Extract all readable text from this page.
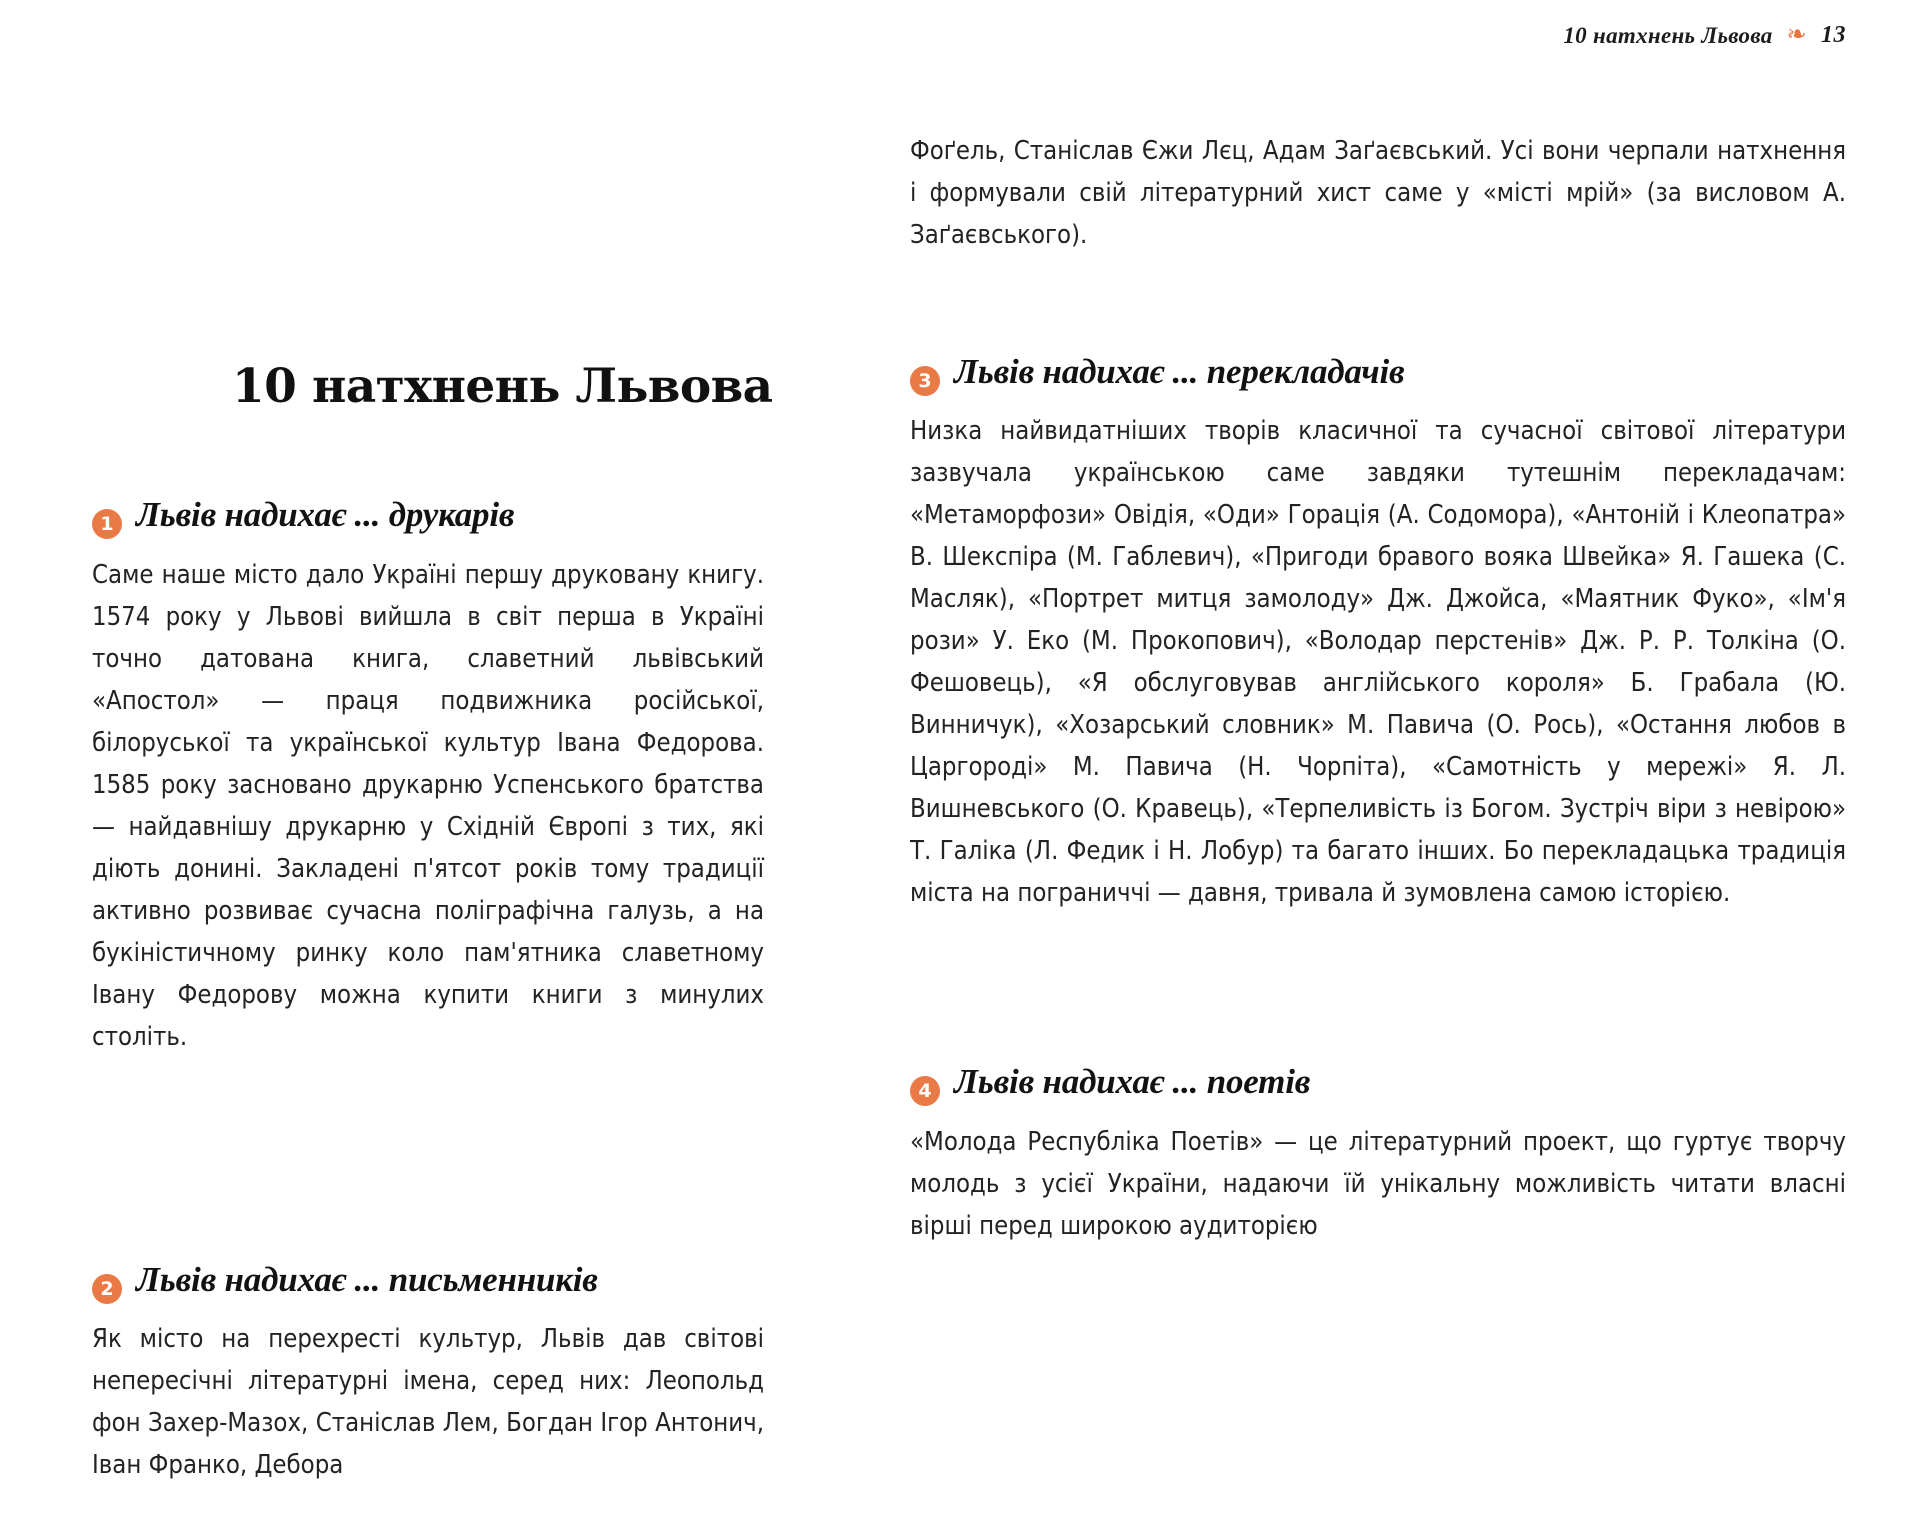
10 натхнень Львова ❧ 13
10 натхнень Львова
1 Львів надихає ... друкарів

Саме наше місто дало Україні першу друковану книгу. 1574 року у Львові вийшла в світ перша в Україні точно датована книга, славетний львівський «Апостол» — праця подвижника російської, білоруської та української культур Івана Федорова. 1585 року засновано друкарню Успенського братства — найдавнішу друкарню у Східній Європі з тих, які діють донині. Закладені п'ятсот років тому традиції активно розвиває сучасна поліграфічна галузь, а на букіністичному ринку коло пам'ятника славетному Івану Федорову можна купити книги з минулих століть.

2 Львів надихає ... письменників

Як місто на перехресті культур, Львів дав світові непересічні літературні імена, серед них: Леопольд фон Захер-Мазох, Станіслав Лем, Богдан Ігор Антонич, Іван Франко, Дебора

Фоґель, Станіслав Єжи Лєц, Адам Заґаєвський. Усі вони черпали натхнення і формували свій літературний хист саме у «місті мрій» (за висловом А. Заґаєвського).

3 Львів надихає ... перекладачів

Низка найвидатніших творів класичної та сучасної світової літератури зазвучала українською саме завдяки тутешнім перекладачам: «Метаморфози» Овідія, «Оди» Горація (А. Содомора), «Антоній і Клеопатра» В. Шекспіра (М. Габлевич), «Пригоди бравого вояка Швейка» Я. Гашека (С. Масляк), «Портрет митця замолоду» Дж. Джойса, «Маятник Фуко», «Ім'я рози» У. Еко (М. Прокопович), «Володар перстенів» Дж. Р. Р. Толкіна (О. Фешовець), «Я обслуговував англійського короля» Б. Грабала (Ю. Винничук), «Хозарський словник» М. Павича (О. Рось), «Остання любов в Царгороді» М. Павича (Н. Чорпіта), «Самотність у мережі» Я. Л. Вишневського (О. Кравець), «Терпеливість із Богом. Зустріч віри з невірою» Т. Галіка (Л. Федик і Н. Лобур) та багато інших. Бо перекладацька традиція міста на пограниччі — давня, тривала й зумовлена самою історією.

4 Львів надихає ... поетів

«Молода Республіка Поетів» — це літературний проект, що гуртує творчу молодь з усієї України, надаючи їй унікальну можливість читати власні вірші перед широкою аудиторією
